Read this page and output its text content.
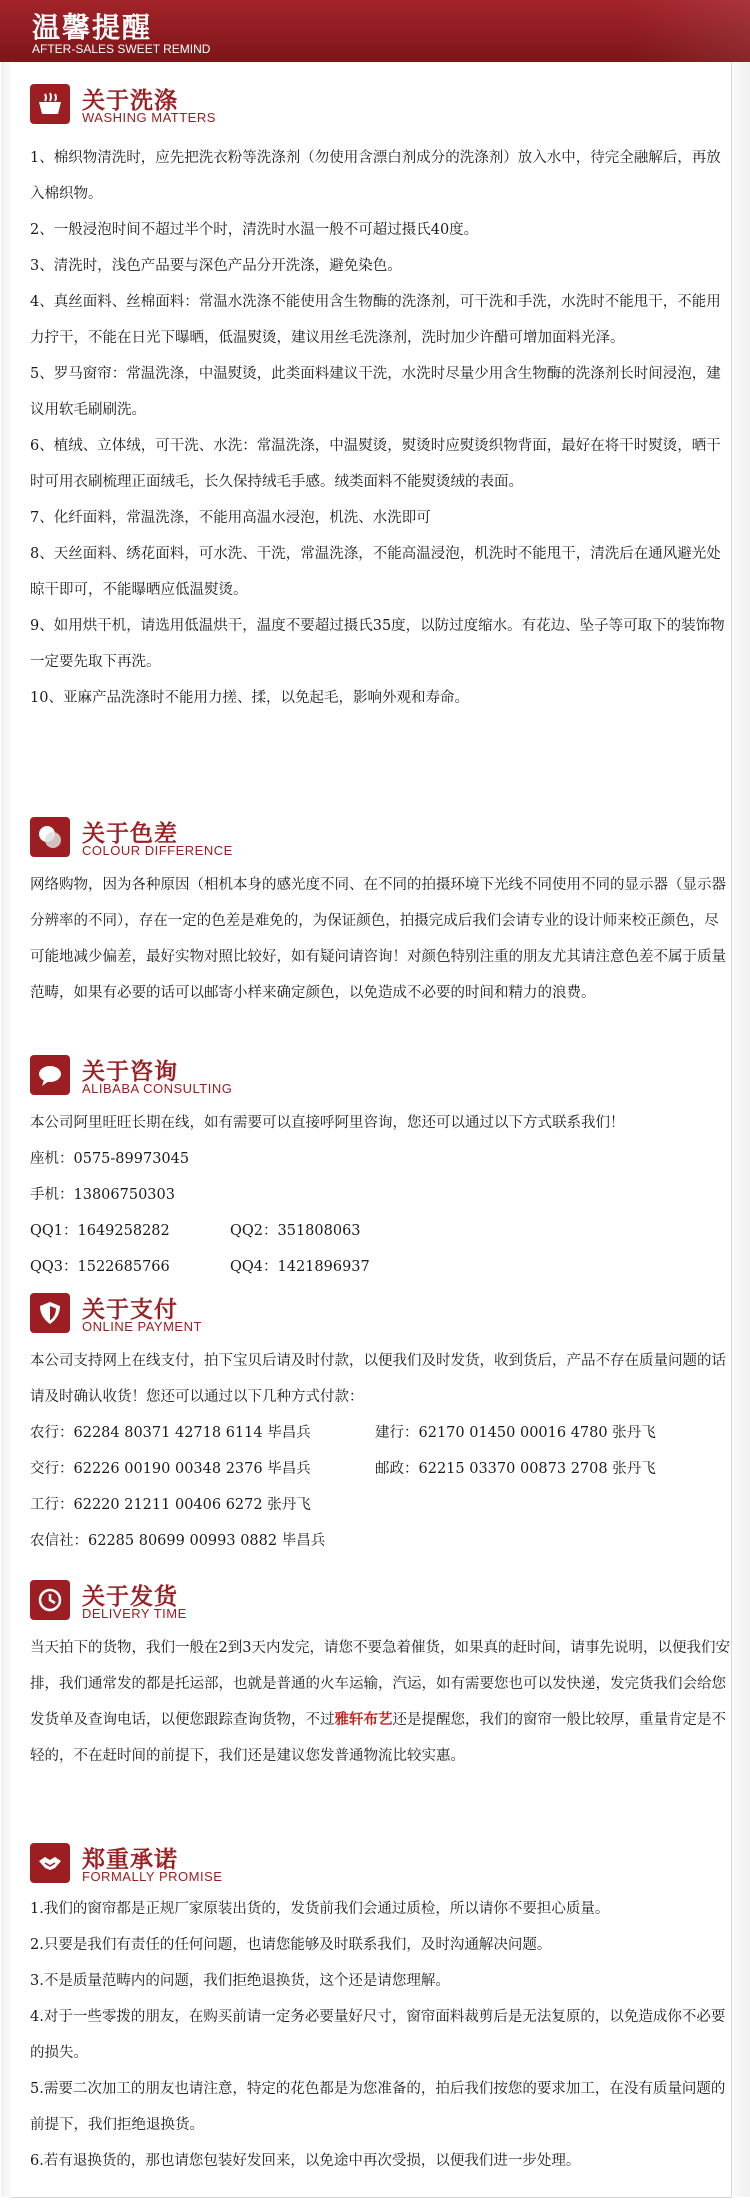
温馨提醒
AFTER-SALES SWEET REMIND
关于洗涤
WASHING MATTERS

1、棉织物清洗时，应先把洗衣粉等洗涤剂（勿使用含漂白剂成分的洗涤剂）放入水中，待完全融解后，再放入棉织物。

2、一般浸泡时间不超过半个时，清洗时水温一般不可超过摄氏40度。

3、清洗时，浅色产品要与深色产品分开洗涤，避免染色。

4、真丝面料、丝棉面料：常温水洗涤不能使用含生物酶的洗涤剂，可干洗和手洗，水洗时不能甩干，不能用力拧干，不能在日光下曝晒，低温熨烫，建议用丝毛洗涤剂，洗时加少许醋可增加面料光泽。

5、罗马窗帘：常温洗涤，中温熨烫，此类面料建议干洗，水洗时尽量少用含生物酶的洗涤剂长时间浸泡，建议用软毛刷刷洗。

6、植绒、立体绒，可干洗、水洗：常温洗涤，中温熨烫，熨烫时应熨烫织物背面，最好在将干时熨烫，晒干时可用衣刷梳理正面绒毛，长久保持绒毛手感。绒类面料不能熨烫绒的表面。

7、化纤面料，常温洗涤，不能用高温水浸泡，机洗、水洗即可

8、天丝面料、绣花面料，可水洗、干洗，常温洗涤，不能高温浸泡，机洗时不能甩干，清洗后在通风避光处晾干即可，不能曝晒应低温熨烫。

9、如用烘干机，请选用低温烘干，温度不要超过摄氏35度，以防过度缩水。有花边、坠子等可取下的装饰物一定要先取下再洗。

10、亚麻产品洗涤时不能用力搓、揉，以免起毛，影响外观和寿命。

关于色差
COLOUR DIFFERENCE

网络购物，因为各种原因（相机本身的感光度不同、在不同的拍摄环境下光线不同使用不同的显示器（显示器分辨率的不同），存在一定的色差是难免的，为保证颜色，拍摄完成后我们会请专业的设计师来校正颜色，尽可能地减少偏差，最好实物对照比较好，如有疑问请咨询！对颜色特别注重的朋友尤其请注意色差不属于质量范畴，如果有必要的话可以邮寄小样来确定颜色，以免造成不必要的时间和精力的浪费。

关于咨询
ALIBABA CONSULTING

本公司阿里旺旺长期在线，如有需要可以直接呼阿里咨询，您还可以通过以下方式联系我们！

座机：0575-89973045

手机：13806750303

QQ1：1649258282	QQ2：351808063
QQ3：1522685766	QQ4：1421896937
关于支付
ONLINE PAYMENT

本公司支持网上在线支付，拍下宝贝后请及时付款，以便我们及时发货，收到货后，产品不存在质量问题的话请及时确认收货！您还可以通过以下几种方式付款：

农行：62284 80371 42718 6114 毕昌兵	建行：62170 01450 00016 4780 张丹飞
交行：62226 00190 00348 2376 毕昌兵	邮政：62215 03370 00873 2708 张丹飞
工行：62220 21211 00406 6272 张丹飞
农信社：62285 80699 00993 0882 毕昌兵
关于发货
DELIVERY TIME

当天拍下的货物，我们一般在2到3天内发完，请您不要急着催货，如果真的赶时间，请事先说明，以便我们安排，我们通常发的都是托运部，也就是普通的火车运输，汽运，如有需要您也可以发快递，发完货我们会给您发货单及查询电话，以便您跟踪查询货物，不过雅轩布艺还是提醒您，我们的窗帘一般比较厚，重量肯定是不轻的，不在赶时间的前提下，我们还是建议您发普通物流比较实惠。

郑重承诺
FORMALLY PROMISE

1.我们的窗帘都是正规厂家原装出货的，发货前我们会通过质检，所以请你不要担心质量。

2.只要是我们有责任的任何问题，也请您能够及时联系我们，及时沟通解决问题。

3.不是质量范畴内的问题，我们拒绝退换货，这个还是请您理解。

4.对于一些零拨的朋友，在购买前请一定务必要量好尺寸，窗帘面料裁剪后是无法复原的，以免造成你不必要的损失。

5.需要二次加工的朋友也请注意，特定的花色都是为您准备的，拍后我们按您的要求加工，在没有质量问题的前提下，我们拒绝退换货。

6.若有退换货的，那也请您包装好发回来，以免途中再次受损，以便我们进一步处理。
